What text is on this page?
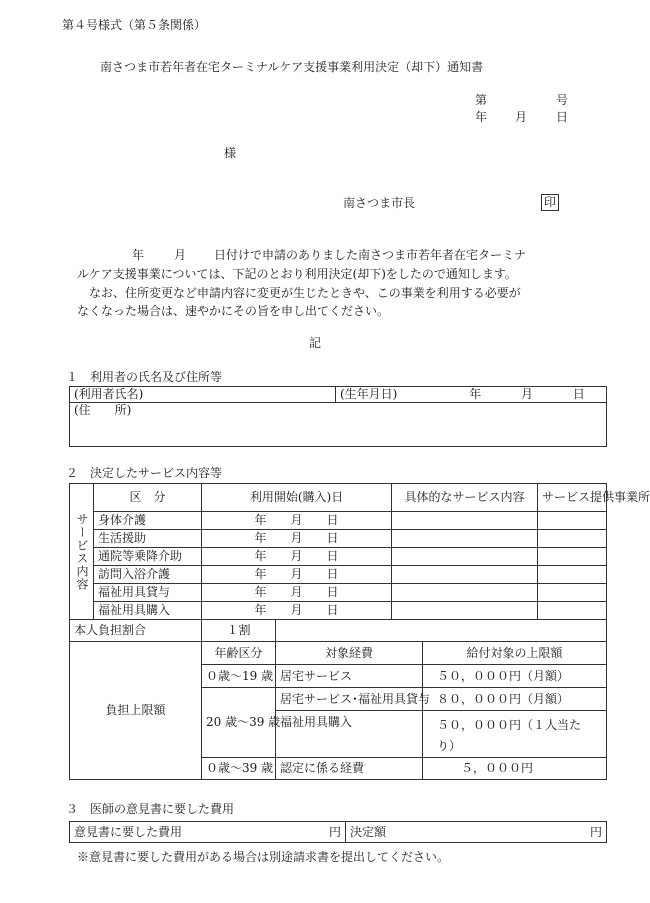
第４号様式（第５条関係）
南さつま市若年者在宅ターミナルケア支援事業利用決定（却下）通知書
第	号
年 月 日
様
南さつま市長	印
年 月 日付けで申請のありました南さつま市若年者在宅ターミナ
ルケア支援事業については、下記のとおり利用決定(却下)をしたので通知します。
なお、住所変更など申請内容に変更が生じたときや、この事業を利用する必要が
なくなった場合は、速やかにその旨を申し出てください。
記
１　利用者の氏名及び住所等
(利用者氏名)	(生年月日)	年	月	日
(住　　所)
２　決定したサービス内容等
サービス内容	区　分	利用開始(購入)日		具体的なサービス内容		サービス提供事業所
	身体介護	年　　 月　　 日				
	生活援助	年　　 月　　 日				
	通院等乗降介助	年　　 月　　 日				
	訪問入浴介護	年　　 月　　 日				
	福祉用具貸与	年　　 月　　 日				
	福祉用具購入	年　　 月　　 日				
本人負担割合		１割				
負担上限額		年齢区分	対象経費		給付対象の上限額	
		０歳～19 歳	居宅サービス		５０，０００円（月額）	
		20 歳～39 歳	居宅サービス･福祉用具貸与		８０，０００円（月額）	
			福祉用具購入		５０，０００円（１人当た
り）	
		０歳～39 歳	認定に係る経費		５，０００円	
３　医師の意見書に要した費用
意見書に要した費用	円	決定額	円
※意見書に要した費用がある場合は別途請求書を提出してください。
